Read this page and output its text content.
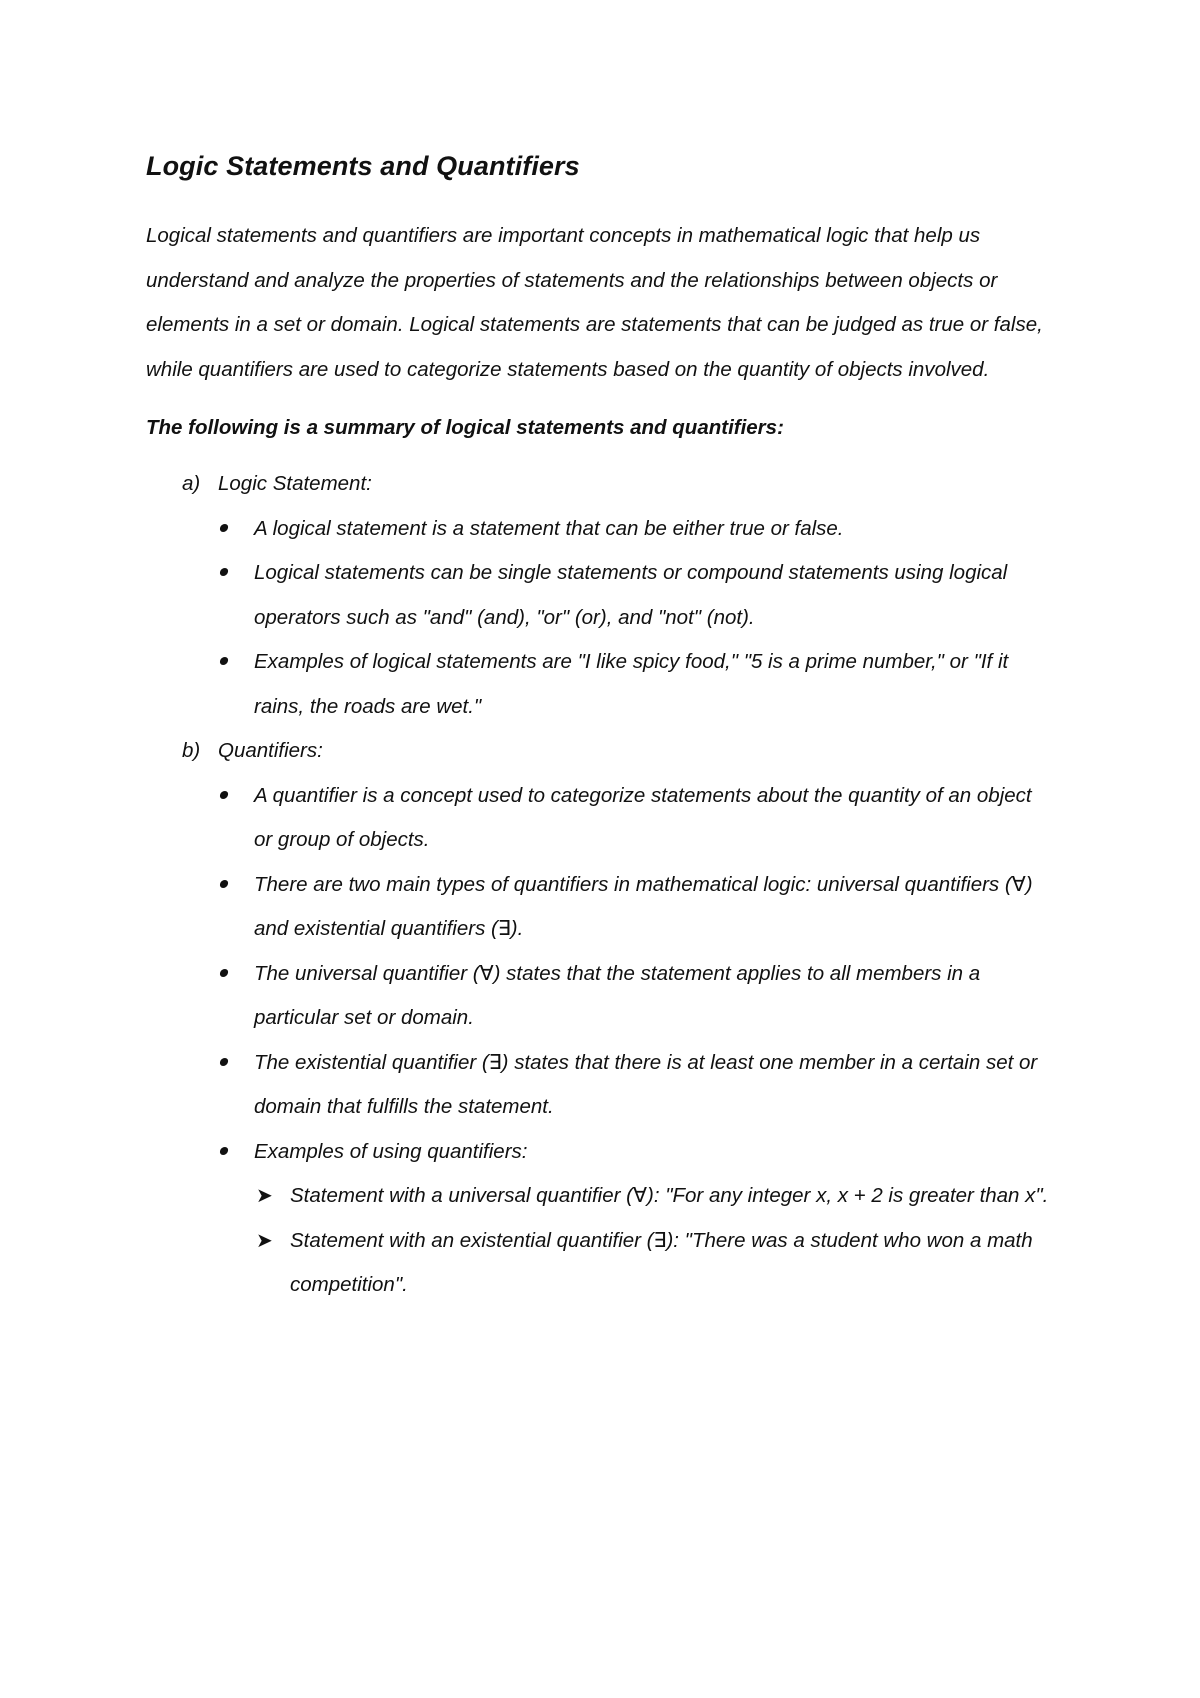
Logic Statements and Quantifiers

Logical statements and quantifiers are important concepts in mathematical logic that help us understand and analyze the properties of statements and the relationships between objects or elements in a set or domain. Logical statements are statements that can be judged as true or false, while quantifiers are used to categorize statements based on the quantity of objects involved.

The following is a summary of logical statements and quantifiers:

a) Logic Statement:
A logical statement is a statement that can be either true or false.
Logical statements can be single statements or compound statements using logical operators such as "and" (and), "or" (or), and "not" (not).
Examples of logical statements are "I like spicy food," "5 is a prime number," or "If it rains, the roads are wet."
b) Quantifiers:
A quantifier is a concept used to categorize statements about the quantity of an object or group of objects.
There are two main types of quantifiers in mathematical logic: universal quantifiers (∀) and existential quantifiers (∃).
The universal quantifier (∀) states that the statement applies to all members in a particular set or domain.
The existential quantifier (∃) states that there is at least one member in a certain set or domain that fulfills the statement.
Examples of using quantifiers:
➤ Statement with a universal quantifier (∀): "For any integer x, x + 2 is greater than x".
➤ Statement with an existential quantifier (∃): "There was a student who won a math competition".
